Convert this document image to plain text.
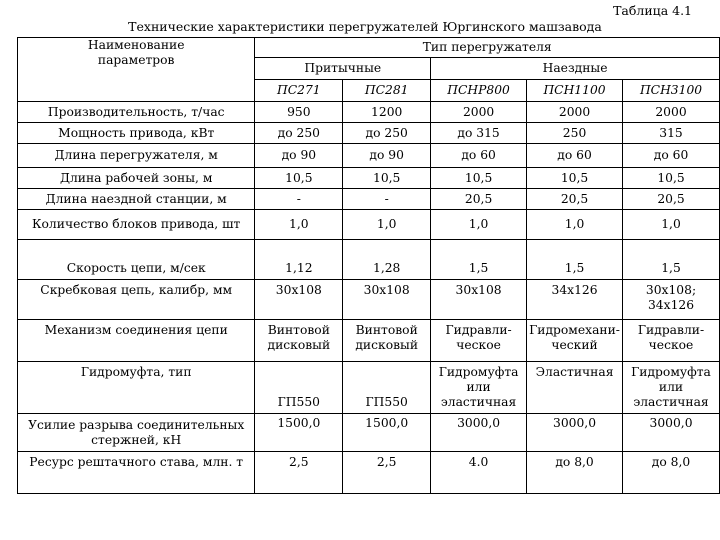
Таблица 4.1
Технические характеристики перегружателей Юргинского машзавода
Наименование
параметров	Тип перегружателя				
	Притычные		Наездные		
	ПС271	ПС281	ПСНР800	ПСН1100	ПСН3100
Производительность, т/час	950	1200	2000	2000	2000
Мощность привода, кВт	до 250	до 250	до 315	250	315
Длина перегружателя, м	до 90	до 90	до 60	до 60	до 60
Длина рабочей зоны, м	10,5	10,5	10,5	10,5	10,5
Длина наездной станции, м	-	-	20,5	20,5	20,5
Количество блоков привода, шт	1,0	1,0	1,0	1,0	1,0
Скорость цепи, м/сек	1,12	1,28	1,5	1,5	1,5
Скребковая цепь, калибр, мм	30х108	30х108	30х108	34х126	30х108; 34х126
Механизм соединения цепи	Винтовой дисковый	Винтовой дисковый	Гидравли-ческое	Гидромехани-ческий	Гидравли-ческое
Гидромуфта, тип	ГП550	ГП550	Гидромуфта или эластичная	Эластичная	Гидромуфта или эластичная
Усилие разрыва соединительных стержней, кН	1500,0	1500,0	3000,0	3000,0	3000,0
Ресурс рештачного става, млн. т	2,5	2,5	4.0	до 8,0	до 8,0
